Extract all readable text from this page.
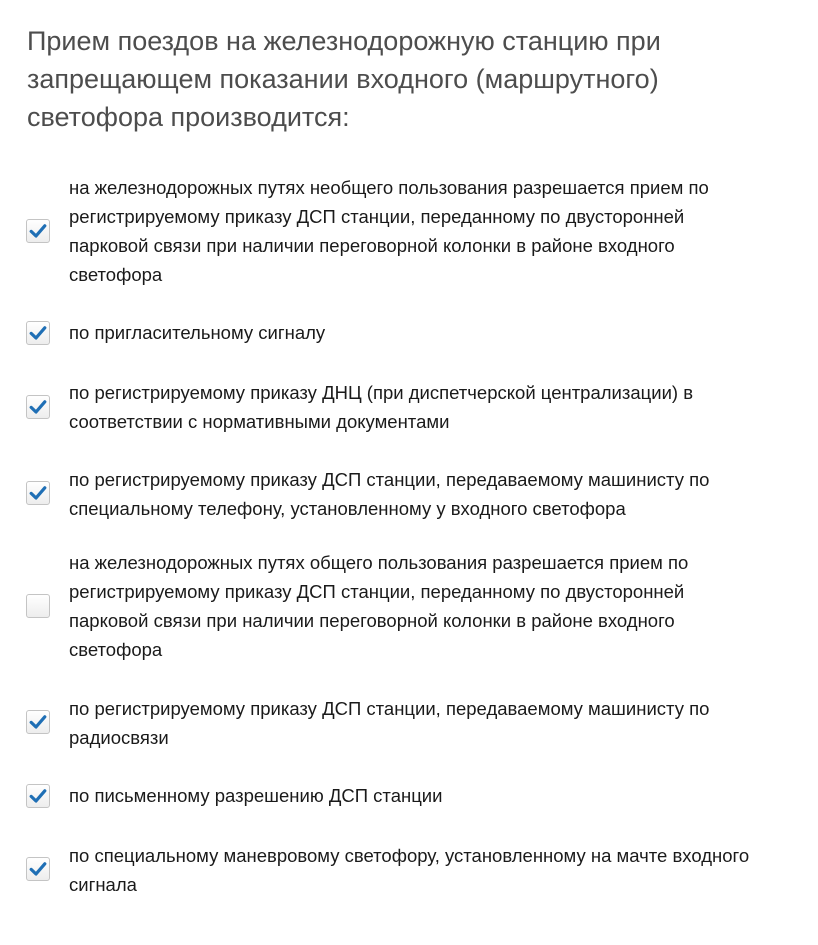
Прием поездов на железнодорожную станцию при
запрещающем показании входного (маршрутного)
светофора производится:
на железнодорожных путях необщего пользования разрешается прием по
регистрируемому приказу ДСП станции, переданному по двусторонней
парковой связи при наличии переговорной колонки в районе входного
светофора
по пригласительному сигналу
по регистрируемому приказу ДНЦ (при диспетчерской централизации) в
соответствии с нормативными документами
по регистрируемому приказу ДСП станции, передаваемому машинисту по
специальному телефону, установленному у входного светофора
на железнодорожных путях общего пользования разрешается прием по
регистрируемому приказу ДСП станции, переданному по двусторонней
парковой связи при наличии переговорной колонки в районе входного
светофора
по регистрируемому приказу ДСП станции, передаваемому машинисту по
радиосвязи
по письменному разрешению ДСП станции
по специальному маневровому светофору, установленному на мачте входного
сигнала
